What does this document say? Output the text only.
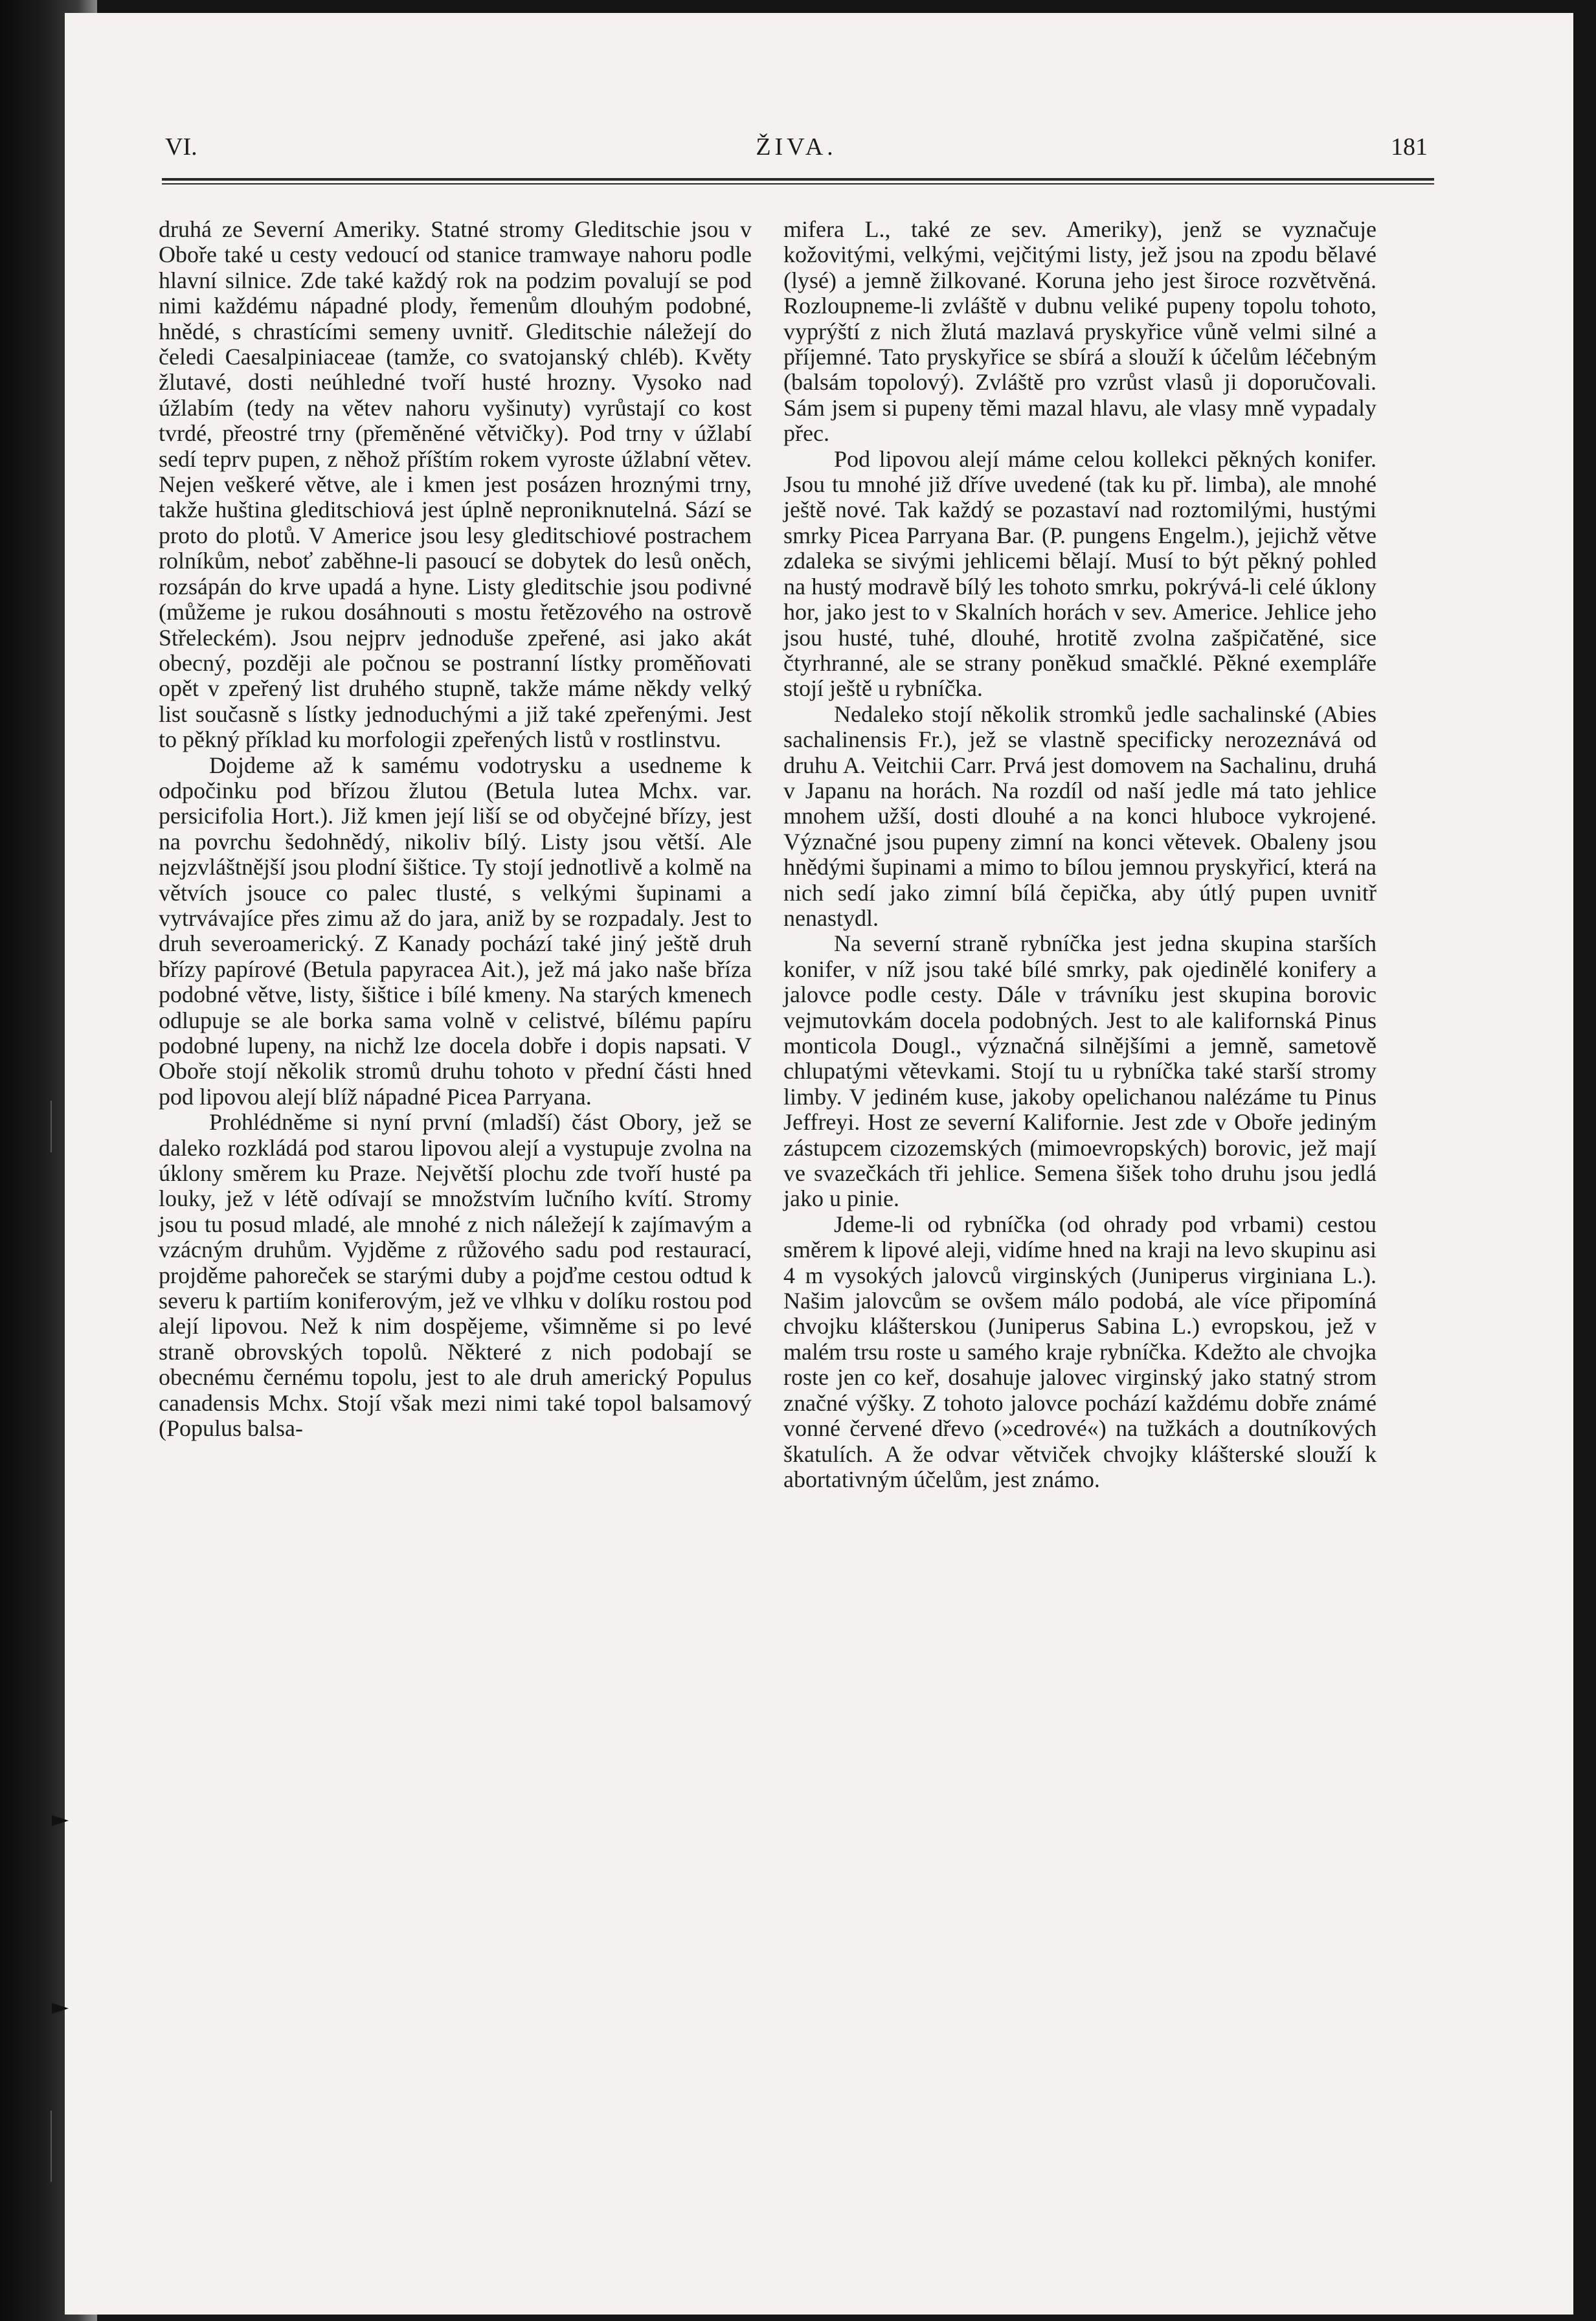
ŽIVA.
VI.	181

druhá ze Severní Ameriky. Statné stromy Gleditschie jsou v Oboře také u cesty vedoucí od stanice tramwaye nahoru podle hlavní silnice. Zde také každý rok na podzim povalují se pod nimi každému nápadné plody, řemenům dlouhým podobné, hnědé, s chrastícími semeny uvnitř. Gleditschie náležejí do čeledi Caesalpiniaceae (tamže, co svatojanský chléb). Květy žlutavé, dosti neúhledné tvoří husté hrozny. Vysoko nad úžlabím (tedy na větev nahoru vyšinuty) vyrůstají co kost tvrdé, přeostré trny (přeměněné větvičky). Pod trny v úžlabí sedí teprv pupen, z něhož příštím rokem vyroste úžlabní větev. Nejen veškeré větve, ale i kmen jest posázen hroznými trny, takže huština gleditschiová jest úplně neproniknutelná. Sází se proto do plotů. V Americe jsou lesy gleditschiové postrachem rolníkům, neboť zaběhne-li pasoucí se dobytek do lesů oněch, rozsápán do krve upadá a hyne. Listy gleditschie jsou podivné (můžeme je rukou dosáhnouti s mostu řetězového na ostrově Střeleckém). Jsou nejprv jednoduše zpeřené, asi jako akát obecný, později ale počnou se postranní lístky proměňovati opět v zpeřený list druhého stupně, takže máme někdy velký list současně s lístky jednoduchými a již také zpeřenými. Jest to pěkný příklad ku morfologii zpeřených listů v rostlinstvu.

Dojdeme až k samému vodotrysku a usedneme k odpočinku pod břízou žlutou (Betula lutea Mchx. var. persicifolia Hort.). Již kmen její liší se od obyčejné břízy, jest na povrchu šedohnědý, nikoliv bílý. Listy jsou větší. Ale nejzvláštnější jsou plodní šištice. Ty stojí jednotlivě a kolmě na větvích jsouce co palec tlusté, s velkými šupinami a vytrvávajíce přes zimu až do jara, aniž by se rozpadaly. Jest to druh severoamerický. Z Kanady pochází také jiný ještě druh břízy papírové (Betula papyracea Ait.), jež má jako naše bříza podobné větve, listy, šištice i bílé kmeny. Na starých kmenech odlupuje se ale borka sama volně v celistvé, bílému papíru podobné lupeny, na nichž lze docela dobře i dopis napsati. V Oboře stojí několik stromů druhu tohoto v přední části hned pod lipovou alejí blíž nápadné Picea Parryana.

Prohlédněme si nyní první (mladší) část Obory, jež se daleko rozkládá pod starou lipovou alejí a vystupuje zvolna na úklony směrem ku Praze. Největší plochu zde tvoří husté pa louky, jež v létě odívají se množstvím lučního kvítí. Stromy jsou tu posud mladé, ale mnohé z nich náležejí k zajímavým a vzácným druhům. Vyjděme z růžového sadu pod restaurací, projděme pahoreček se starými duby a pojďme cestou odtud k severu k partiím koniferovým, jež ve vlhku v dolíku rostou pod alejí lipovou. Než k nim dospějeme, všimněme si po levé straně obrovských topolů. Některé z nich podobají se obecnému černému topolu, jest to ale druh americký Populus canadensis Mchx. Stojí však mezi nimi také topol balsamový (Populus balsa-

mifera L., také ze sev. Ameriky), jenž se vyznačuje kožovitými, velkými, vejčitými listy, jež jsou na zpodu bělavé (lysé) a jemně žilkované. Koruna jeho jest široce rozvětvěná. Rozloupneme-li zvláště v dubnu veliké pupeny topolu tohoto, vyprýští z nich žlutá mazlavá pryskyřice vůně velmi silné a příjemné. Tato pryskyřice se sbírá a slouží k účelům léčebným (balsám topolový). Zvláště pro vzrůst vlasů ji doporučovali. Sám jsem si pupeny těmi mazal hlavu, ale vlasy mně vypadaly přec.

Pod lipovou alejí máme celou kollekci pěkných konifer. Jsou tu mnohé již dříve uvedené (tak ku př. limba), ale mnohé ještě nové. Tak každý se pozastaví nad roztomilými, hustými smrky Picea Parryana Bar. (P. pungens Engelm.), jejichž větve zdaleka se sivými jehlicemi bělají. Musí to být pěkný pohled na hustý modravě bílý les tohoto smrku, pokrývá-li celé úklony hor, jako jest to v Skalních horách v sev. Americe. Jehlice jeho jsou husté, tuhé, dlouhé, hrotitě zvolna zašpičatěné, sice čtyrhranné, ale se strany poněkud smačklé. Pěkné exempláře stojí ještě u rybníčka.

Nedaleko stojí několik stromků jedle sachalinské (Abies sachalinensis Fr.), jež se vlastně specificky nerozeznává od druhu A. Veitchii Carr. Prvá jest domovem na Sachalinu, druhá v Japanu na horách. Na rozdíl od naší jedle má tato jehlice mnohem užší, dosti dlouhé a na konci hluboce vykrojené. Význačné jsou pupeny zimní na konci větevek. Obaleny jsou hnědými šupinami a mimo to bílou jemnou pryskyřicí, která na nich sedí jako zimní bílá čepička, aby útlý pupen uvnitř nenastydl.

Na severní straně rybníčka jest jedna skupina starších konifer, v níž jsou také bílé smrky, pak ojedinělé konifery a jalovce podle cesty. Dále v trávníku jest skupina borovic vejmutovkám docela podobných. Jest to ale kalifornská Pinus monticola Dougl., význačná silnějšími a jemně, sametově chlupatými větevkami. Stojí tu u rybníčka také starší stromy limby. V jediném kuse, jakoby opelichanou nalézáme tu Pinus Jeffreyi. Host ze severní Kalifornie. Jest zde v Oboře jediným zástupcem cizozemských (mimoevropských) borovic, jež mají ve svazečkách tři jehlice. Semena šišek toho druhu jsou jedlá jako u pinie.

Jdeme-li od rybníčka (od ohrady pod vrbami) cestou směrem k lipové aleji, vidíme hned na kraji na levo skupinu asi 4 m vysokých jalovců virginských (Juniperus virginiana L.). Našim jalovcům se ovšem málo podobá, ale více připomíná chvojku klášterskou (Juniperus Sabina L.) evropskou, jež v malém trsu roste u samého kraje rybníčka. Kdežto ale chvojka roste jen co keř, dosahuje jalovec virginský jako statný strom značné výšky. Z tohoto jalovce pochází každému dobře známé vonné červené dřevo (»cedrové«) na tužkách a doutníkových škatulích. A že odvar větviček chvojky klášterské slouží k abortativným účelům, jest známo.

►
►
